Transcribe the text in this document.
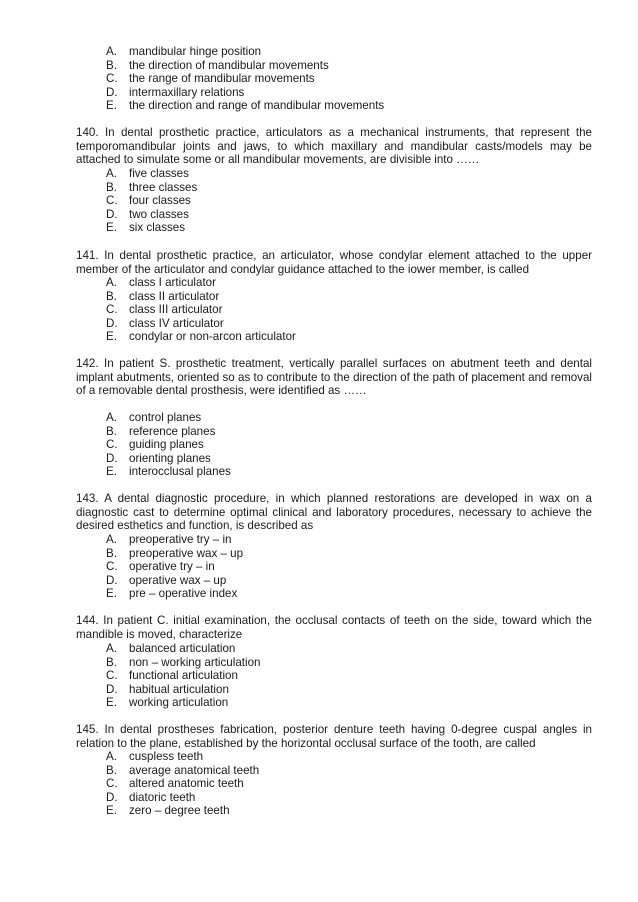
A. mandibular hinge position
B. the direction of mandibular movements
C. the range of mandibular movements
D. intermaxillary relations
E. the direction and range of mandibular movements

140. In dental prosthetic practice, articulators as a mechanical instruments, that represent the temporomandibular joints and jaws, to which maxillary and mandibular casts/models may be attached to simulate some or all mandibular movements, are divisible into ……

A. five classes
B. three classes
C. four classes
D. two classes
E. six classes

141. In dental prosthetic practice, an articulator, whose condylar element attached to the upper member of the articulator and condylar guidance attached to the iower member, is called

A. class I articulator
B. class II articulator
C. class III articulator
D. class IV articulator
E. condylar or non-arcon articulator

142. In patient S. prosthetic treatment, vertically parallel surfaces on abutment teeth and dental implant abutments, oriented so as to contribute to the direction of the path of placement and removal of a removable dental prosthesis, were identified as ……

A. control planes
B. reference planes
C. guiding planes
D. orienting planes
E. interocclusal planes

143. A dental diagnostic procedure, in which planned restorations are developed in wax on a diagnostic cast to determine optimal clinical and laboratory procedures, necessary to achieve the desired esthetics and function, is described as

A. preoperative try – in
B. preoperative wax – up
C. operative try – in
D. operative wax – up
E. pre – operative index

144. In patient C. initial examination, the occlusal contacts of teeth on the side, toward which the mandible is moved, characterize

A. balanced articulation
B. non – working articulation
C. functional articulation
D. habitual articulation
E. working articulation

145. In dental prostheses fabrication, posterior denture teeth having 0-degree cuspal angles in relation to the plane, established by the horizontal occlusal surface of the tooth, are called

A. cuspless teeth
B. average anatomical teeth
C. altered anatomic teeth
D. diatoric teeth
E. zero – degree teeth
